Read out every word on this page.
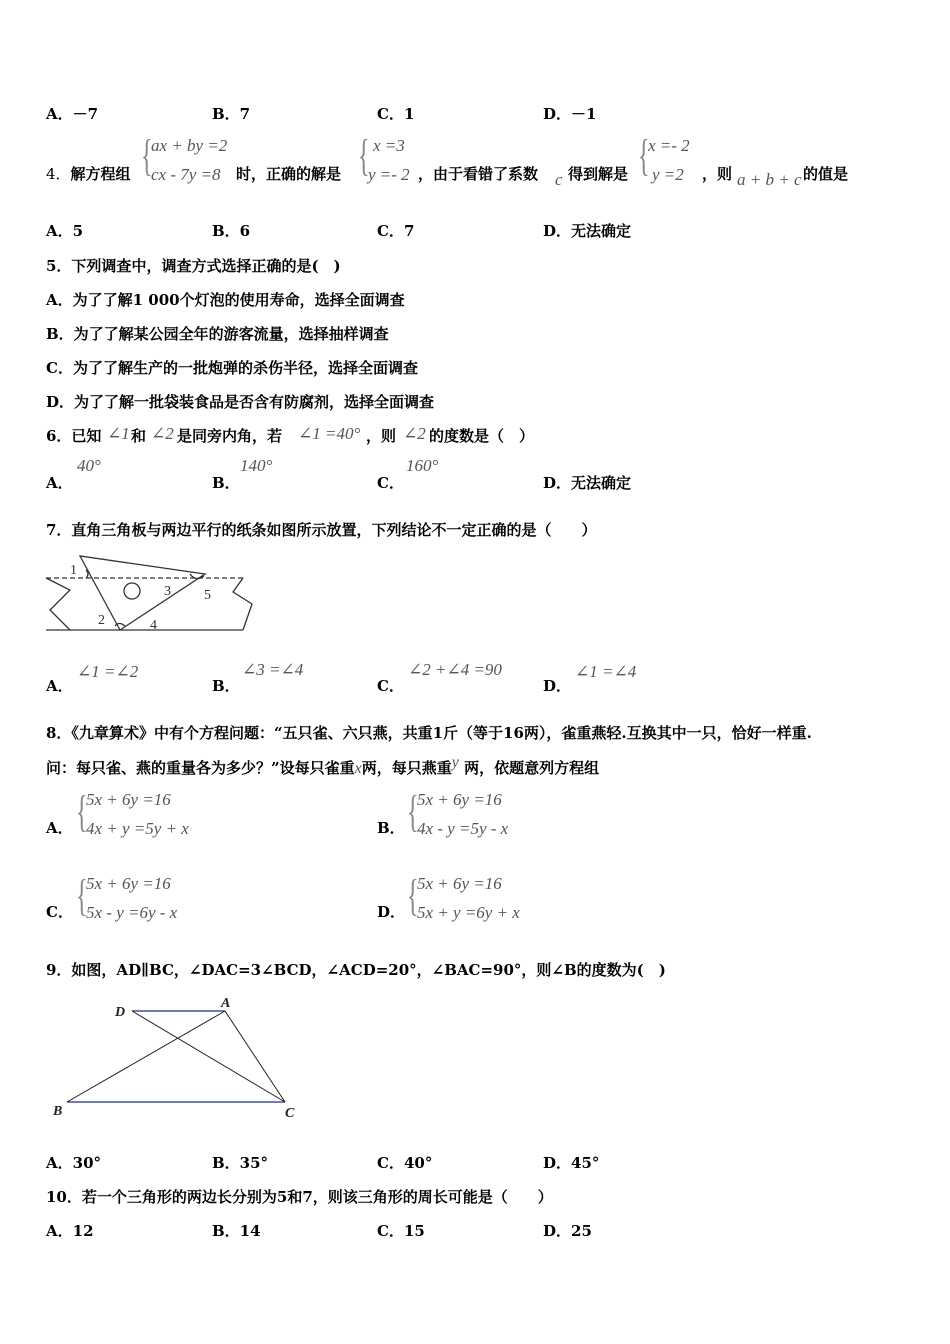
A．－7	B．7	C．1	D．－1
4．解方程组 {
ax + by =2
cx - 7y =8 时，正确的解是 { x =3
y =- 2 ，由于看错了系数 c 得到解是 {
x =- 2
y =2 ，则 a + b + c 的值是
A．5	B．6	C．7	D．无法确定
5．下列调查中，调查方式选择正确的是(　)
A．为了了解1 000个灯泡的使用寿命，选择全面调查
B．为了了解某公园全年的游客流量，选择抽样调查
C．为了了解生产的一批炮弹的杀伤半径，选择全面调查
D．为了了解一批袋装食品是否含有防腐剂，选择全面调查
6．已知 ∠1 和 ∠2 是同旁内角，若 ∠1 =40° ，则 ∠2 的度数是（　）
A．
40°
B．
140°
C．
160°
D．无法确定
7．直角三角板与两边平行的纸条如图所示放置，下列结论不一定正确的是（　　）
1
2
3
4
5
A．
∠1 =∠2
B．
∠3 =∠4
C．
∠2 +∠4 =90
D．
∠1 =∠4
8．《九章算术》中有个方程问题：“五只雀、六只燕，共重1斤（等于16两），雀重燕轻.互换其中一只，恰好一样重.
问：每只雀、燕的重量各为多少？”设每只雀重x两，每只燕重y 两，依题意列方程组
A． {
5x + 6y =16
4x + y =5y + x	B． {
5x + 6y =16
4x - y =5y - x
C． {
5x + 6y =16
5x - y =6y - x	D． {
5x + 6y =16
5x + y =6y + x
9．如图，AD∥BC，∠DAC=3∠BCD，∠ACD=20°，∠BAC=90°，则∠B的度数为(　)
D
A
B	C
A．30°	B．35°	C．40°	D．45°
10．若一个三角形的两边长分别为5和7，则该三角形的周长可能是（　　）
A．12	B．14	C．15	D．25
